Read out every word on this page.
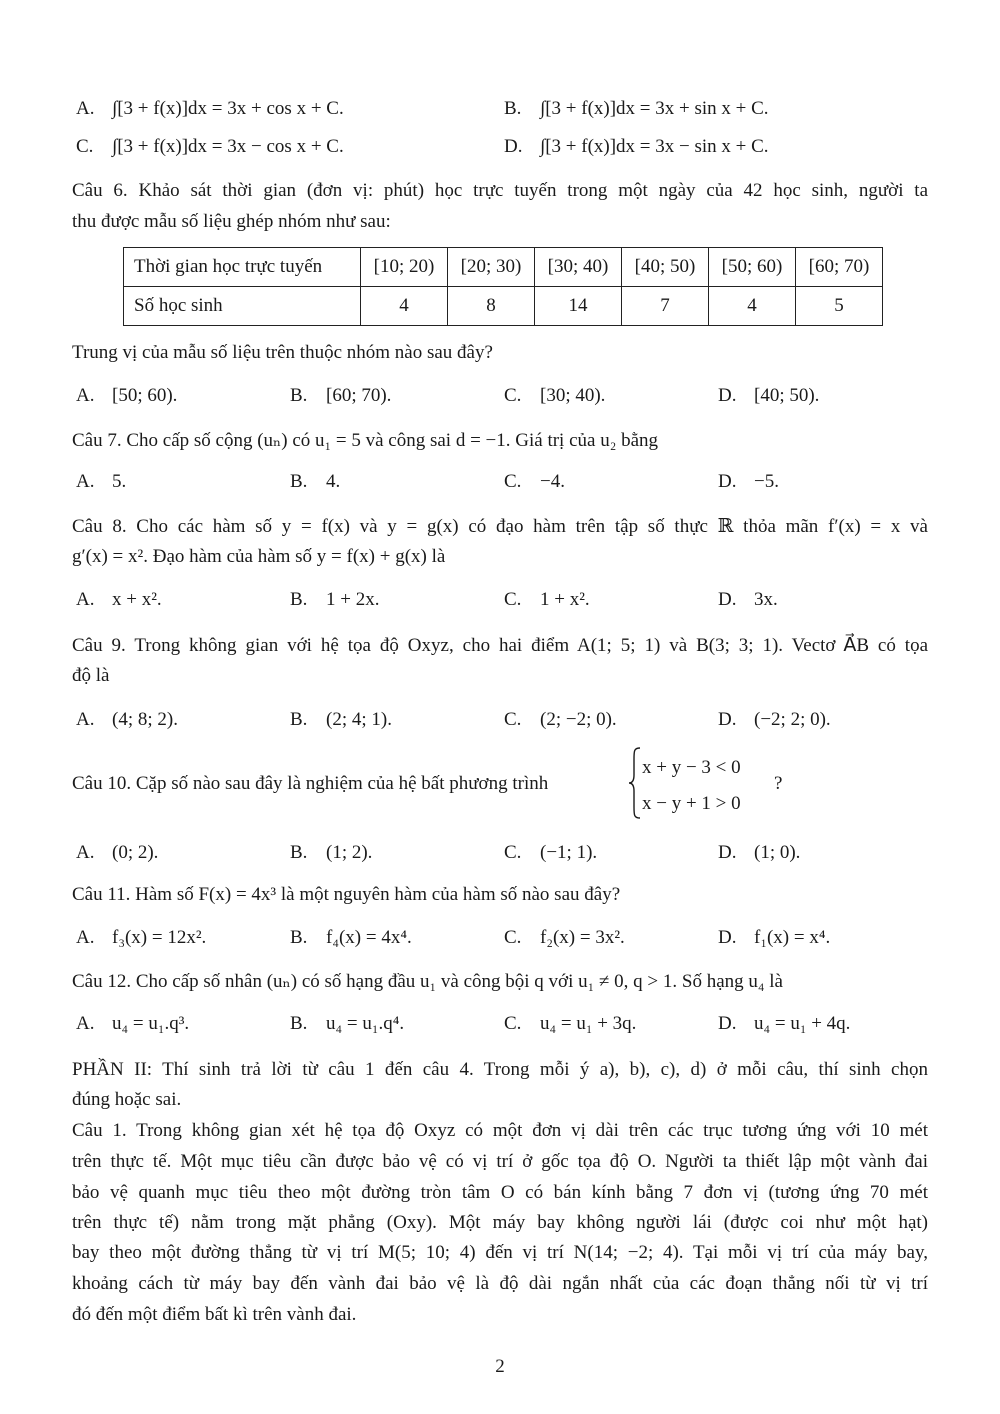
A. ∫[3 + f(x)]dx = 3x + cos x + C.	B. ∫[3 + f(x)]dx = 3x + sin x + C.
C. ∫[3 + f(x)]dx = 3x − cos x + C.	D. ∫[3 + f(x)]dx = 3x − sin x + C.
Câu 6. Khảo sát thời gian (đơn vị: phút) học trực tuyến trong một ngày của 42 học sinh, người ta
thu được mẫu số liệu ghép nhóm như sau:
Thời gian học trực tuyến	[10; 20)	[20; 30)	[30; 40)	[40; 50)	[50; 60)	[60; 70)
Số học sinh	4	8	14	7	4	5
Trung vị của mẫu số liệu trên thuộc nhóm nào sau đây?
A. [50; 60).	B. [60; 70).	C. [30; 40).	D. [40; 50).
Câu 7. Cho cấp số cộng (uₙ) có u₁ = 5 và công sai d = −1. Giá trị của u₂ bằng
A. 5.	B. 4.	C. −4.	D. −5.
Câu 8. Cho các hàm số y = f(x) và y = g(x) có đạo hàm trên tập số thực ℝ thỏa mãn f′(x) = x và
g′(x) = x². Đạo hàm của hàm số y = f(x) + g(x) là
A. x + x².	B. 1 + 2x.	C. 1 + x².	D. 3x.
Câu 9. Trong không gian với hệ tọa độ Oxyz, cho hai điểm A(1; 5; 1) và B(3; 3; 1). Vectơ A⃗B có tọa
độ là
A. (4; 8; 2).	B. (2; 4; 1).	C. (2; −2; 0).	D. (−2; 2; 0).
Câu 10. Cặp số nào sau đây là nghiệm của hệ bất phương trình
x + y − 3 < 0
x − y + 1 > 0
?
A. (0; 2).	B. (1; 2).	C. (−1; 1).	D. (1; 0).
Câu 11. Hàm số F(x) = 4x³ là một nguyên hàm của hàm số nào sau đây?
A. f₃(x) = 12x².	B. f₄(x) = 4x⁴.	C. f₂(x) = 3x².	D. f₁(x) = x⁴.
Câu 12. Cho cấp số nhân (uₙ) có số hạng đầu u₁ và công bội q với u₁ ≠ 0, q > 1. Số hạng u₄ là
A. u₄ = u₁.q³.	B. u₄ = u₁.q⁴.	C. u₄ = u₁ + 3q.	D. u₄ = u₁ + 4q.
PHẦN II: Thí sinh trả lời từ câu 1 đến câu 4. Trong mỗi ý a), b), c), d) ở mỗi câu, thí sinh chọn
đúng hoặc sai.
Câu 1. Trong không gian xét hệ tọa độ Oxyz có một đơn vị dài trên các trục tương ứng với 10 mét
trên thực tế. Một mục tiêu cần được bảo vệ có vị trí ở gốc tọa độ O. Người ta thiết lập một vành đai
bảo vệ quanh mục tiêu theo một đường tròn tâm O có bán kính bằng 7 đơn vị (tương ứng 70 mét
trên thực tế) nằm trong mặt phẳng (Oxy). Một máy bay không người lái (được coi như một hạt)
bay theo một đường thẳng từ vị trí M(5; 10; 4) đến vị trí N(14; −2; 4). Tại mỗi vị trí của máy bay,
khoảng cách từ máy bay đến vành đai bảo vệ là độ dài ngắn nhất của các đoạn thẳng nối từ vị trí
đó đến một điểm bất kì trên vành đai.
2
